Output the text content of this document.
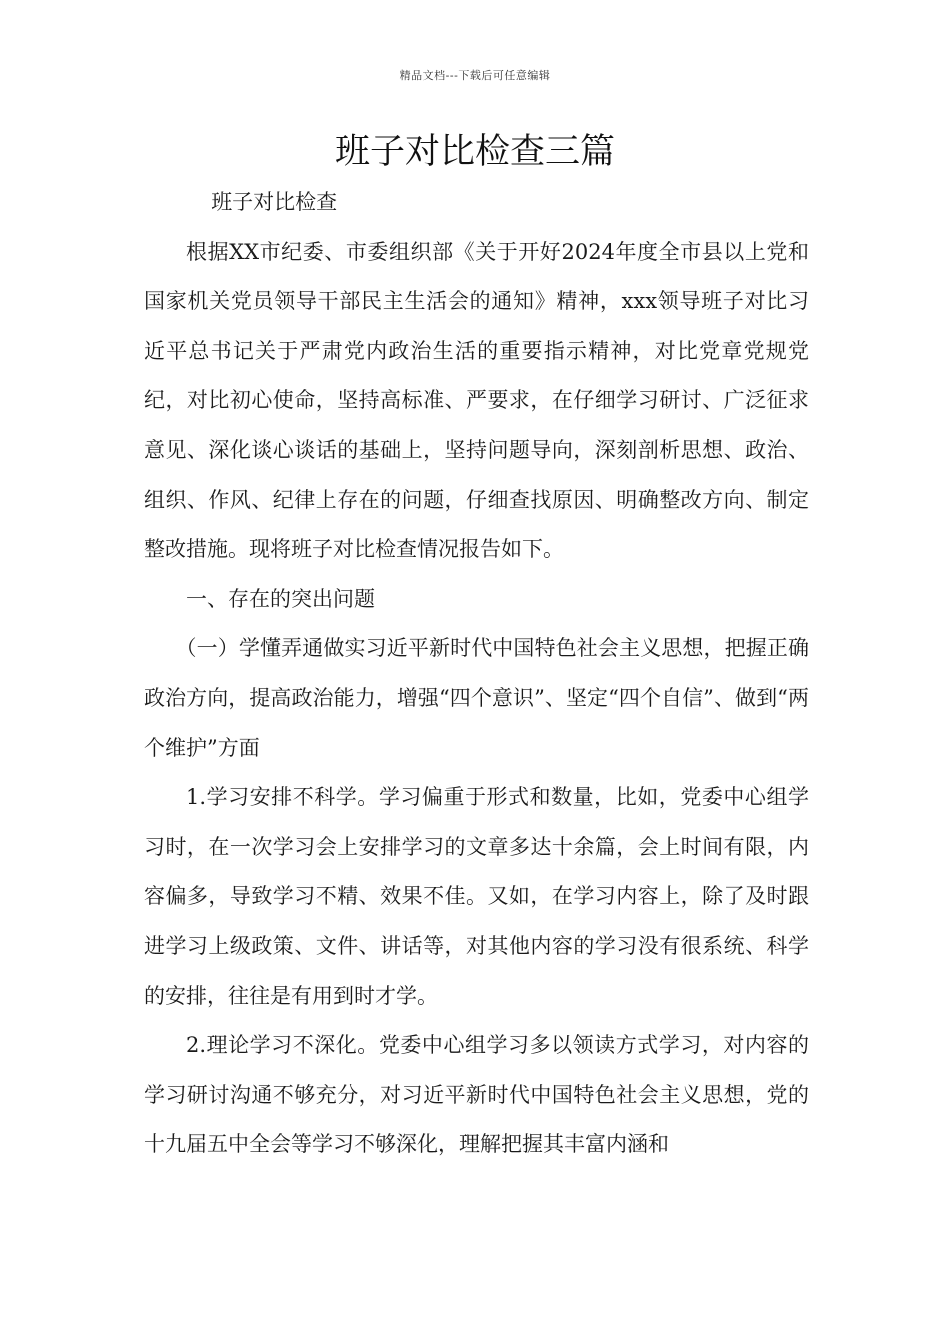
精品文档---下载后可任意编辑
班子对比检查三篇

班子对比检查

根据XX市纪委、市委组织部《关于开好2024年度全市县以上党和国家机关党员领导干部民主生活会的通知》精神，xxx领导班子对比习近平总书记关于严肃党内政治生活的重要指示精神，对比党章党规党纪，对比初心使命，坚持高标准、严要求，在仔细学习研讨、广泛征求意见、深化谈心谈话的基础上，坚持问题导向，深刻剖析思想、政治、组织、作风、纪律上存在的问题，仔细查找原因、明确整改方向、制定整改措施。现将班子对比检查情况报告如下。

一、存在的突出问题

（一）学懂弄通做实习近平新时代中国特色社会主义思想，把握正确政治方向，提高政治能力，增强“四个意识”、坚定“四个自信”、做到“两个维护”方面

1.学习安排不科学。学习偏重于形式和数量，比如，党委中心组学习时，在一次学习会上安排学习的文章多达十余篇，会上时间有限，内容偏多，导致学习不精、效果不佳。又如，在学习内容上，除了及时跟进学习上级政策、文件、讲话等，对其他内容的学习没有很系统、科学的安排，往往是有用到时才学。

2.理论学习不深化。党委中心组学习多以领读方式学习，对内容的学习研讨沟通不够充分，对习近平新时代中国特色社会主义思想，党的十九届五中全会等学习不够深化，理解把握其丰富内涵和
